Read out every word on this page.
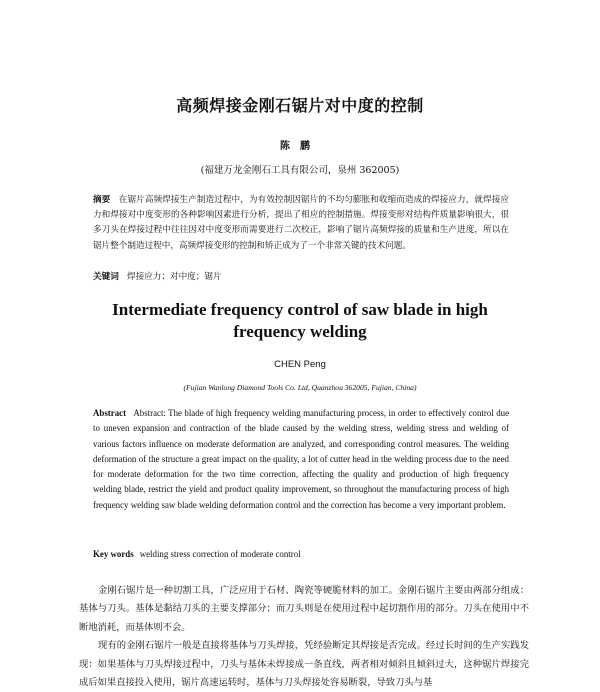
高频焊接金刚石锯片对中度的控制
陈鹏
(福建万龙金刚石工具有限公司，泉州 362005)
摘要 在锯片高频焊接生产制造过程中，为有效控制因锯片的不均匀膨胀和收缩而造成的焊接应力，就焊接应力和焊接对中度变形的各种影响因素进行分析，提出了相应的控制措施。焊接变形对结构件质量影响很大，很多刀头在焊接过程中往往因对中度变形而需要进行二次校正，影响了锯片高频焊接的质量和生产进度，所以在锯片整个制造过程中，高频焊接变形的控制和矫正成为了一个非常关键的技术问题。
关键词 焊接应力；对中度；锯片
Intermediate frequency control of saw blade in high frequency welding
CHEN Peng
(Fujian Wanlong Diamond Tools Co. Ltd, Quanzhou 362005, Fujian, China)
Abstract Abstract: The blade of high frequency welding manufacturing process, in order to effectively control due to uneven expansion and contraction of the blade caused by the welding stress, welding stress and welding of various factors influence on moderate deformation are analyzed, and corresponding control measures. The welding deformation of the structure a great impact on the quality, a lot of cutter head in the welding process due to the need for moderate deformation for the two time correction, affecting the quality and production of high frequency welding blade, restrict the yield and product quality improvement, so throughout the manufacturing process of high frequency welding saw blade welding deformation control and the correction has become a very important problem.
Key words welding stress correction of moderate control

金刚石锯片是一种切割工具，广泛应用于石材、陶瓷等硬脆材料的加工。金刚石锯片主要由两部分组成：基体与刀头。基体是黏结刀头的主要支撑部分；而刀头则是在使用过程中起切割作用的部分。刀头在使用中不断地消耗，而基体则不会。

现有的金刚石锯片一般是直接将基体与刀头焊接，凭经验断定其焊接是否完成。经过长时间的生产实践发现：如果基体与刀头焊接过程中，刀头与基体未焊接成一条直线，两者相对倾斜且倾斜过大，这种锯片焊接完成后如果直接投入使用，锯片高速运转时，基体与刀头焊接处容易断裂，导致刀头与基
